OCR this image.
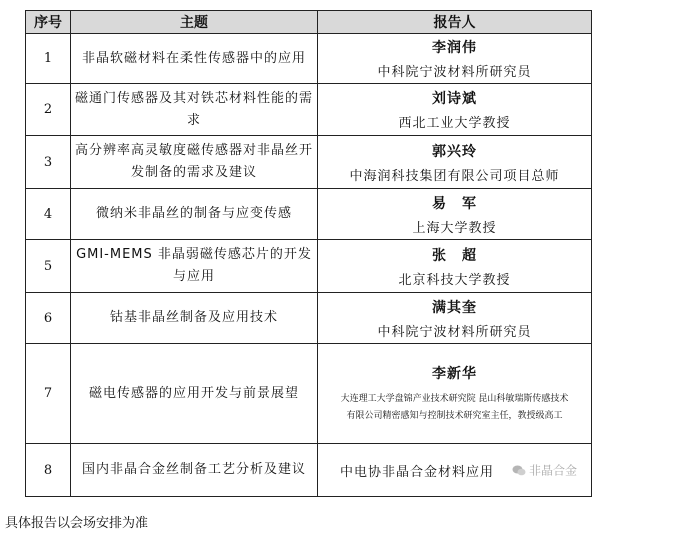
序号	主题	报告人
1	非晶软磁材料在柔性传感器中的应用	李润伟
中科院宁波材料所研究员

2	磁通门传感器及其对铁芯材料性能的需求	刘诗斌
西北工业大学教授

3	高分辨率高灵敏度磁传感器对非晶丝开发制备的需求及建议	郭兴玲
中海润科技集团有限公司项目总师

4	微纳米非晶丝的制备与应变传感	易　军
上海大学教授

5	GMI-MEMS 非晶弱磁传感芯片的开发与应用	张　超
北京科技大学教授

6	钴基非晶丝制备及应用技术	满其奎
中科院宁波材料所研究员

7	磁电传感器的应用开发与前景展望	李新华
大连理工大学盘锦产业技术研究院 昆山科敏瑞斯传感技术
有限公司精密感知与控制技术研究室主任，教授级高工

8	国内非晶合金丝制备工艺分析及建议	中电协非晶合金材料应用 非晶合金
具体报告以会场安排为准
